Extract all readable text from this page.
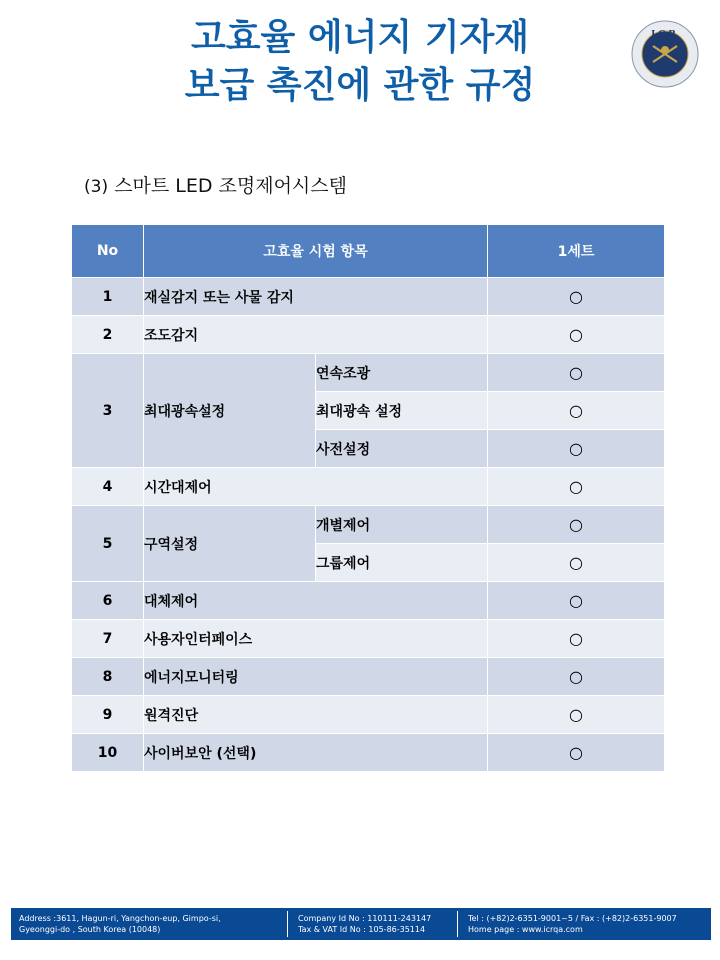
고효율 에너지 기자재
보급 촉진에 관한 규정
ICR
(3) 스마트 LED 조명제어시스템
No	고효율 시험 항목		1세트
1	재실감지 또는 사물 감지		○
2	조도감지		○
3	최대광속설정	연속조광	○
		최대광속 설정	○
		사전설정	○
4	시간대제어		○
5	구역설정	개별제어	○
		그룹제어	○
6	대체제어		○
7	사용자인터페이스		○
8	에너지모니터링		○
9	원격진단		○
10	사이버보안 (선택)		○
Address :3611, Hagun-ri, Yangchon-eup, Gimpo-si,
Gyeonggi-do , South Korea (10048)
Company Id No : 110111-243147
Tax & VAT Id No : 105-86-35114
Tel : (+82)2-6351-9001~5 / Fax : (+82)2-6351-9007
Home page : www.icrqa.com
